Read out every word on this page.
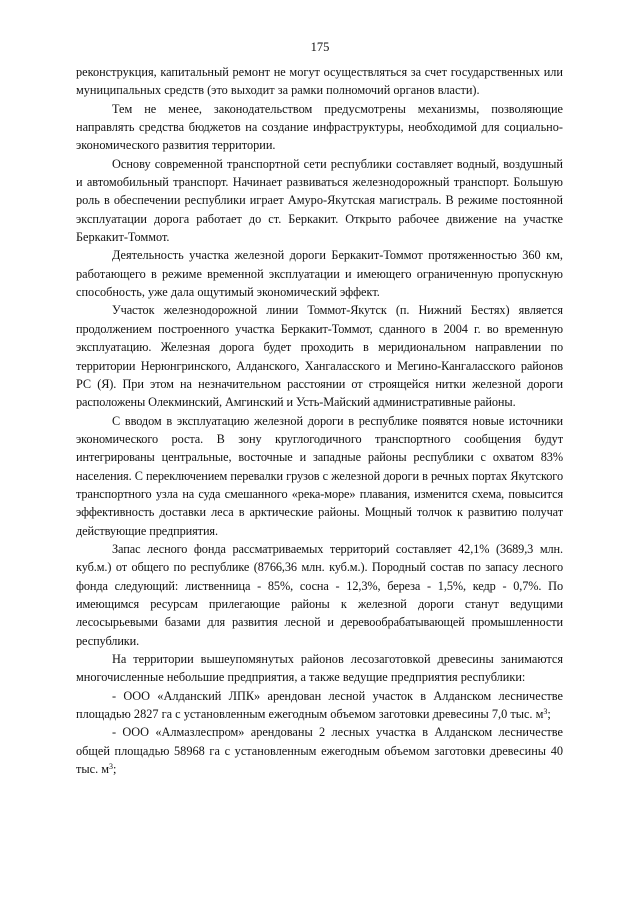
175

реконструкция, капитальный ремонт не могут осуществляться за счет государственных или муниципальных средств (это выходит за рамки полномочий органов власти).

Тем не менее, законодательством предусмотрены механизмы, позволяющие направлять средства бюджетов на создание инфраструктуры, необходимой для социально-экономического развития территории.

Основу современной транспортной сети республики составляет водный, воздушный и автомобильный транспорт. Начинает развиваться железнодорожный транспорт. Большую роль в обеспечении республики играет Амуро-Якутская магистраль. В режиме постоянной эксплуатации дорога работает до ст. Беркакит. Открыто рабочее движение на участке Беркакит-Томмот.

Деятельность участка железной дороги Беркакит-Томмот протяженностью 360 км, работающего в режиме временной эксплуатации и имеющего ограниченную пропускную способность, уже дала ощутимый экономический эффект.

Участок железнодорожной линии Томмот-Якутск (п. Нижний Бестях) является продолжением построенного участка Беркакит-Томмот, сданного в 2004 г. во временную эксплуатацию. Железная дорога будет проходить в меридиональном направлении по территории Нерюнгринского, Алданского, Хангаласского и Мегино-Кангаласского районов РС (Я). При этом на незначительном расстоянии от строящейся нитки железной дороги расположены Олекминский, Амгинский и Усть-Майский административные районы.

С вводом в эксплуатацию железной дороги в республике появятся новые источники экономического роста. В зону круглогодичного транспортного сообщения будут интегрированы центральные, восточные и западные районы республики с охватом 83% населения. С переключением перевалки грузов с железной дороги в речных портах Якутского транспортного узла на суда смешанного «река-море» плавания, изменится схема, повысится эффективность доставки леса в арктические районы. Мощный толчок к развитию получат действующие предприятия.

Запас лесного фонда рассматриваемых территорий составляет 42,1% (3689,3 млн. куб.м.) от общего по республике (8766,36 млн. куб.м.). Породный состав по запасу лесного фонда следующий: лиственница - 85%, сосна - 12,3%, береза - 1,5%, кедр - 0,7%. По имеющимся ресурсам прилегающие районы к железной дороги станут ведущими лесосырьевыми базами для развития лесной и деревообрабатывающей промышленности республики.

На территории вышеупомянутых районов лесозаготовкой древесины занимаются многочисленные небольшие предприятия, а также ведущие предприятия республики:

- ООО «Алданский ЛПК» арендован лесной участок в Алданском лесничестве площадью 2827 га с установленным ежегодным объемом заготовки древесины 7,0 тыс. $м^3$;

- ООО «Алмазлеспром» арендованы 2 лесных участка в Алданском лесничестве общей площадью 58968 га с установленным ежегодным объемом заготовки древесины 40 тыс. $м^3$;
